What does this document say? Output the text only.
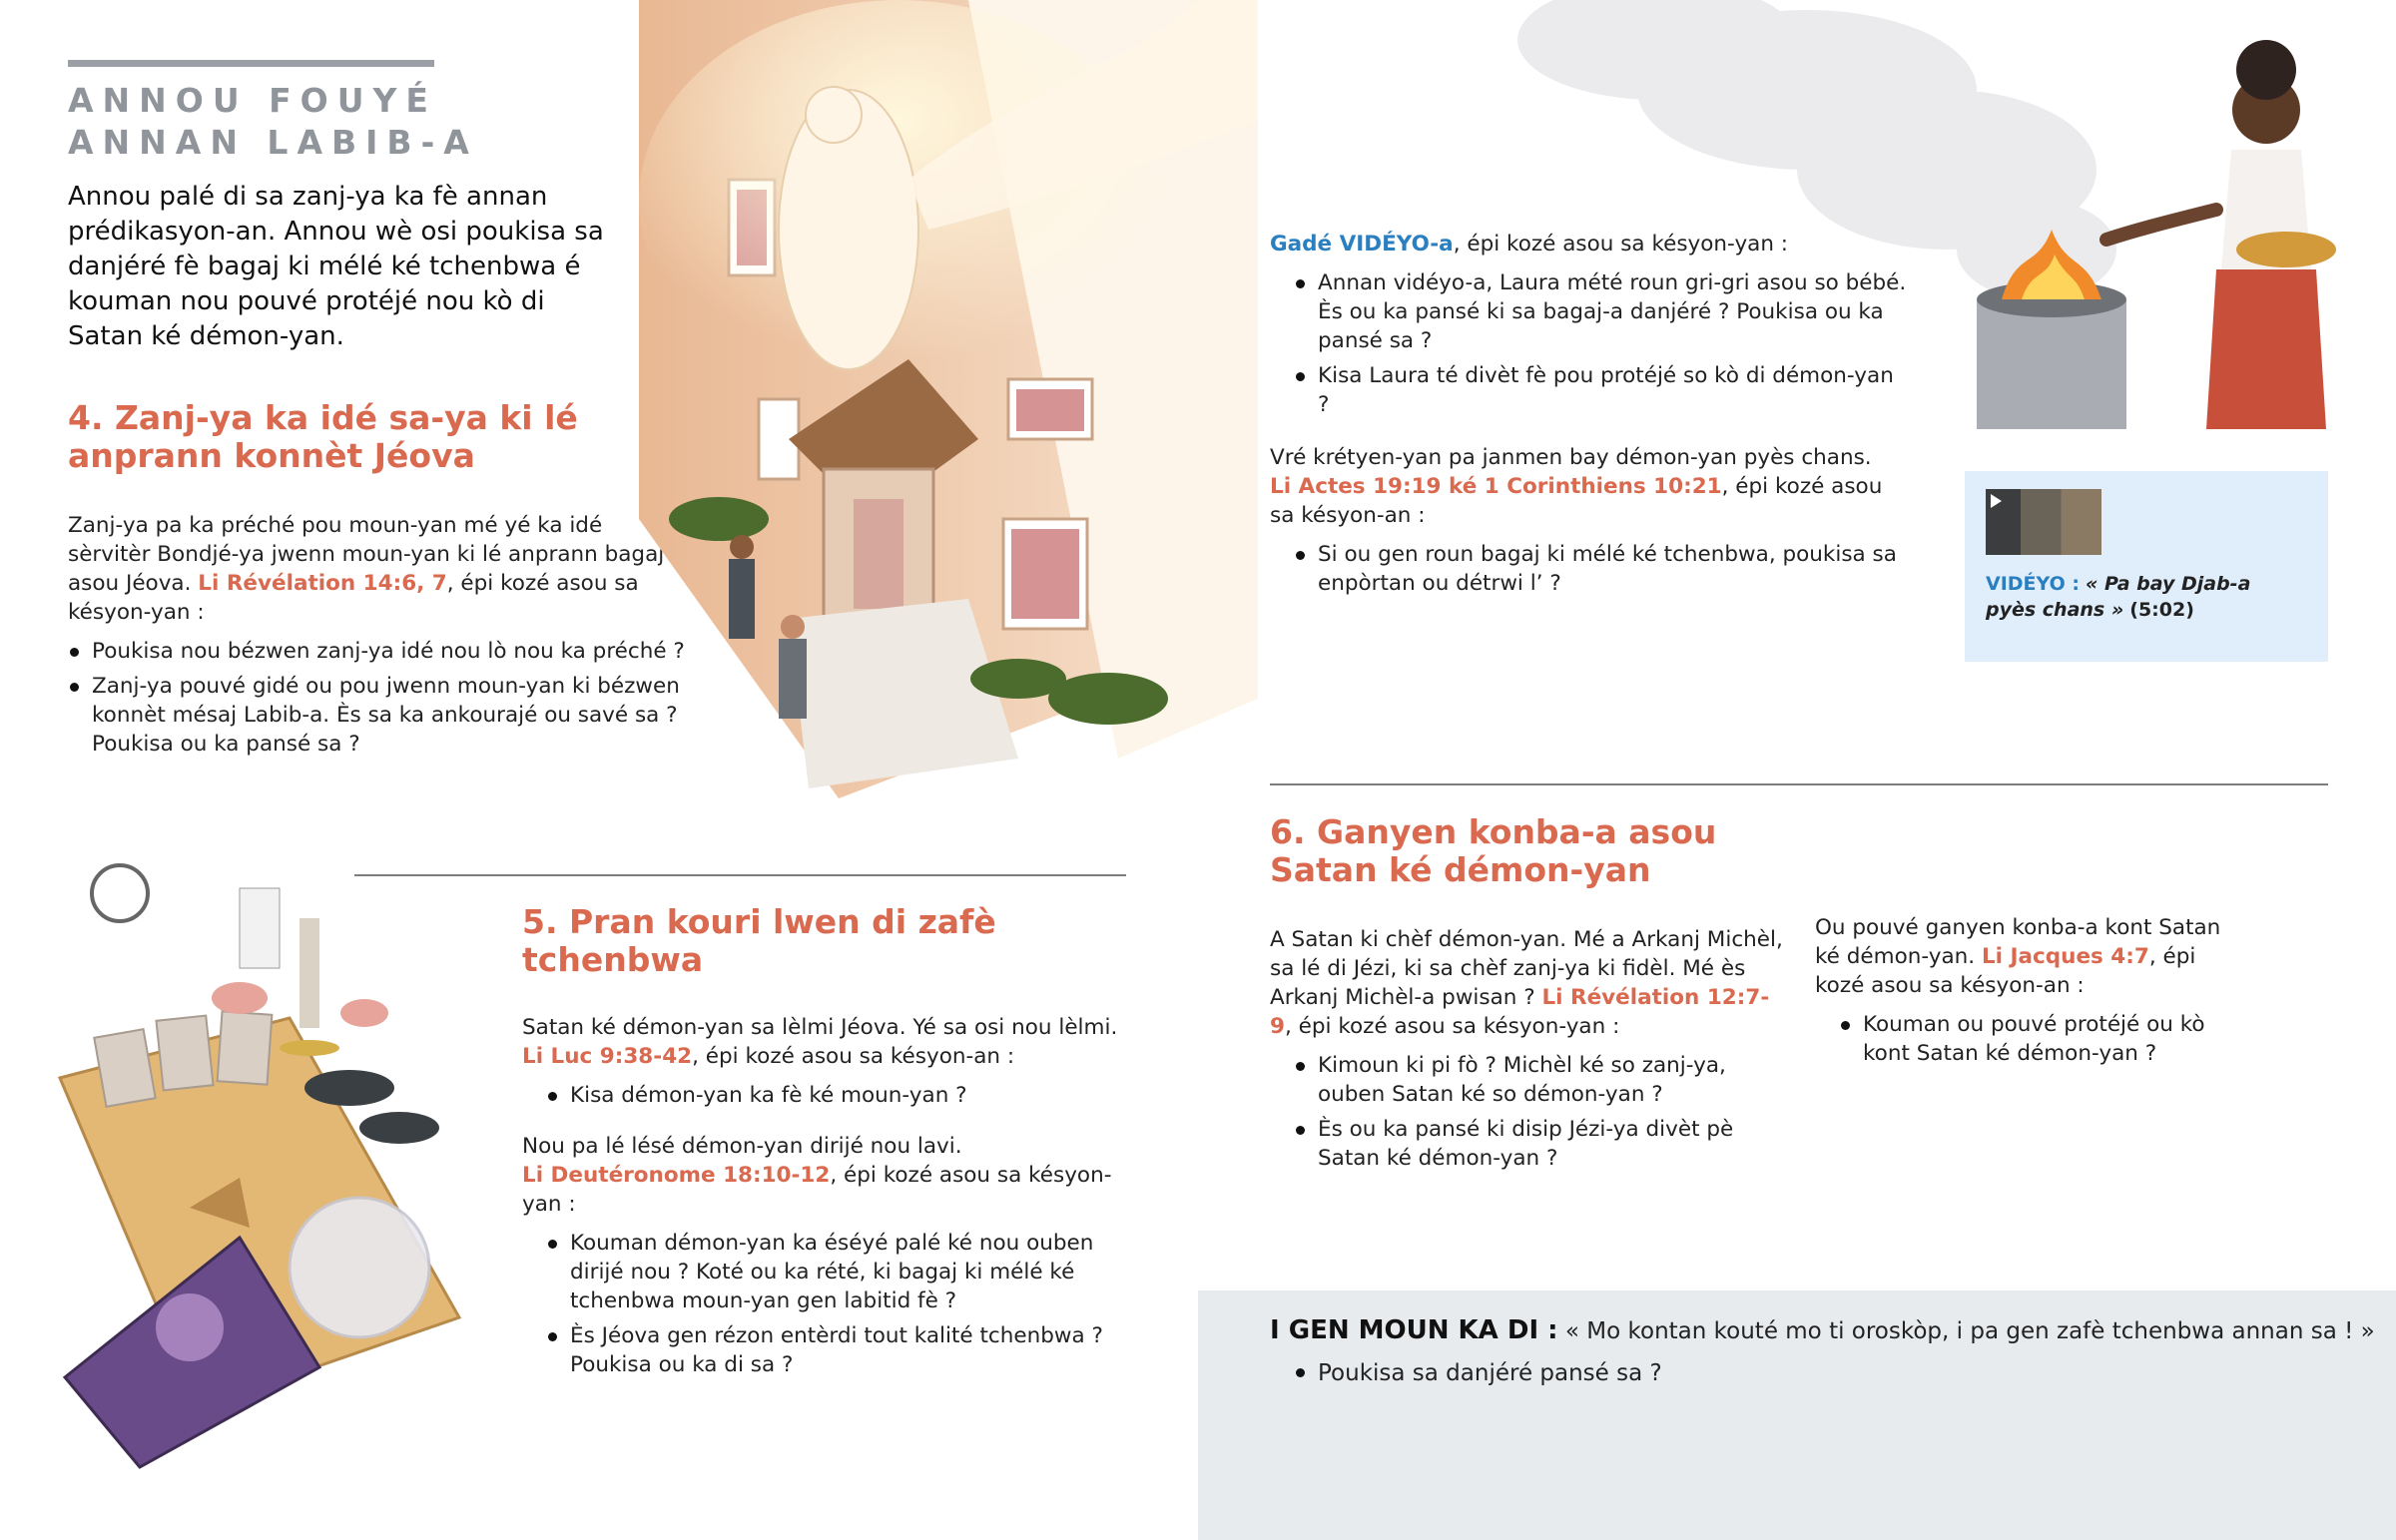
ANNOU FOUYÉ
ANNAN LABIB-A
Annou palé di sa zanj-ya ka fè annan prédikasyon-an. Annou wè osi poukisa sa danjéré fè bagaj ki mélé ké tchenbwa é kouman nou pouvé protéjé nou kò di Satan ké démon-yan.
4. Zanj-ya ka idé sa-ya ki lé anprann konnèt Jéova

Zanj-ya pa ka préché pou moun-yan mé yé ka idé sèrvitèr Bondjé-ya jwenn moun-yan ki lé anprann bagaj asou Jéova. Li Révélation 14:6, 7, épi kozé asou sa késyon-yan :

Poukisa nou bézwen zanj-ya idé nou lò nou ka préché ?
Zanj-ya pouvé gidé ou pou jwenn moun-yan ki bézwen konnèt mésaj Labib-a. Ès sa ka ankourajé ou savé sa ? Poukisa ou ka pansé sa ?

Gadé VIDÉYO-a, épi kozé asou sa késyon-yan :

Annan vidéyo-a, Laura mété roun gri-gri asou so bébé. Ès ou ka pansé ki sa bagaj-a danjéré ? Poukisa ou ka pansé sa ?
Kisa Laura té divèt fè pou protéjé so kò di démon-yan ?

Vré krétyen-yan pa janmen bay démon-yan pyès chans.
Li Actes 19:19 ké 1 Corinthiens 10:21, épi kozé asou sa késyon-an :

Si ou gen roun bagaj ki mélé ké tchenbwa, poukisa sa enpòrtan ou détrwi l’ ?	VIDÉYO : « Pa bay Djab-a pyès chans » (5:02)
6. Ganyen konba-a asou Satan ké démon-yan

A Satan ki chèf démon-yan. Mé a Arkanj Michèl, sa lé di Jézi, ki sa chèf zanj-ya ki fidèl. Mé ès Arkanj Michèl-a pwisan ? Li Révélation 12:7-9, épi kozé asou sa késyon-yan :

Kimoun ki pi fò ? Michèl ké so zanj-ya, ouben Satan ké so démon-yan ?
Ès ou ka pansé ki disip Jézi-ya divèt pè Satan ké démon-yan ?

Ou pouvé ganyen konba-a kont Satan ké démon-yan. Li Jacques 4:7, épi kozé asou sa késyon-an :

Kouman ou pouvé protéjé ou kò kont Satan ké démon-yan ?
5. Pran kouri lwen di zafè tchenbwa

Satan ké démon-yan sa lèlmi Jéova. Yé sa osi nou lèlmi.
Li Luc 9:38-42, épi kozé asou sa késyon-an :

Kisa démon-yan ka fè ké moun-yan ?

Nou pa lé lésé démon-yan dirijé nou lavi.
Li Deutéronome 18:10-12, épi kozé asou sa késyon-yan :

Kouman démon-yan ka éséyé palé ké nou ouben dirijé nou ? Koté ou ka rété, ki bagaj ki mélé ké tchenbwa moun-yan gen labitid fè ?
Ès Jéova gen rézon entèrdi tout kalité tchenbwa ? Poukisa ou ka di sa ?

I GEN MOUN KA DI : « Mo kontan kouté mo ti oroskòp, i pa gen zafè tchenbwa annan sa ! »

Poukisa sa danjéré pansé sa ?
